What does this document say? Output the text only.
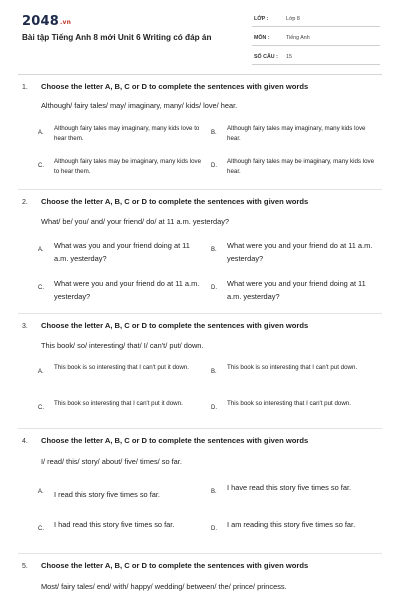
2048.vn
Bài tập Tiếng Anh 8 mới Unit 6 Writing có đáp án
LỚP :	Lớp 8
MÔN :	Tiếng Anh
SỐ CÂU : 15
1. Choose the letter A, B, C or D to complete the sentences with given words
Although/ fairy tales/ may/ imaginary, many/ kids/ love/ hear.
A.
Although fairy tales may imaginary, many kids love to hear them.
B.
Although fairy tales may imaginary, many kids love hear.
C.
Although fairy tales may be imaginary, many kids love to hear them.
D.
Although fairy tales may be imaginary, many kids love hear.
2. Choose the letter A, B, C or D to complete the sentences with given words
What/ be/ you/ and/ your friend/ do/ at 11 a.m. yesterday?
A. What was you and your friend doing at 11 a.m. yesterday?
B. What were you and your friend do at 11 a.m. yesterday?
C. What were you and your friend do at 11 a.m. yesterday?
D. What were you and your friend doing at 11 a.m. yesterday?
3. Choose the letter A, B, C or D to complete the sentences with given words
This book/ so/ interesting/ that/ I/ can't/ put/ down.
A.
This book is so interesting that I can't put it down.
B.
This book is so interesting that I can't put down.
C.
This book so interesting that I can't put it down.
D.
This book so interesting that I can't put down.
4. Choose the letter A, B, C or D to complete the sentences with given words
I/ read/ this/ story/ about/ five/ times/ so far.
A. I read this story five times so far.	B. I have read this story five times so far.
C. I had read this story five times so far.	D. I am reading this story five times so far.
5. Choose the letter A, B, C or D to complete the sentences with given words
Most/ fairy tales/ end/ with/ happy/ wedding/ between/ the/ prince/ princess.
